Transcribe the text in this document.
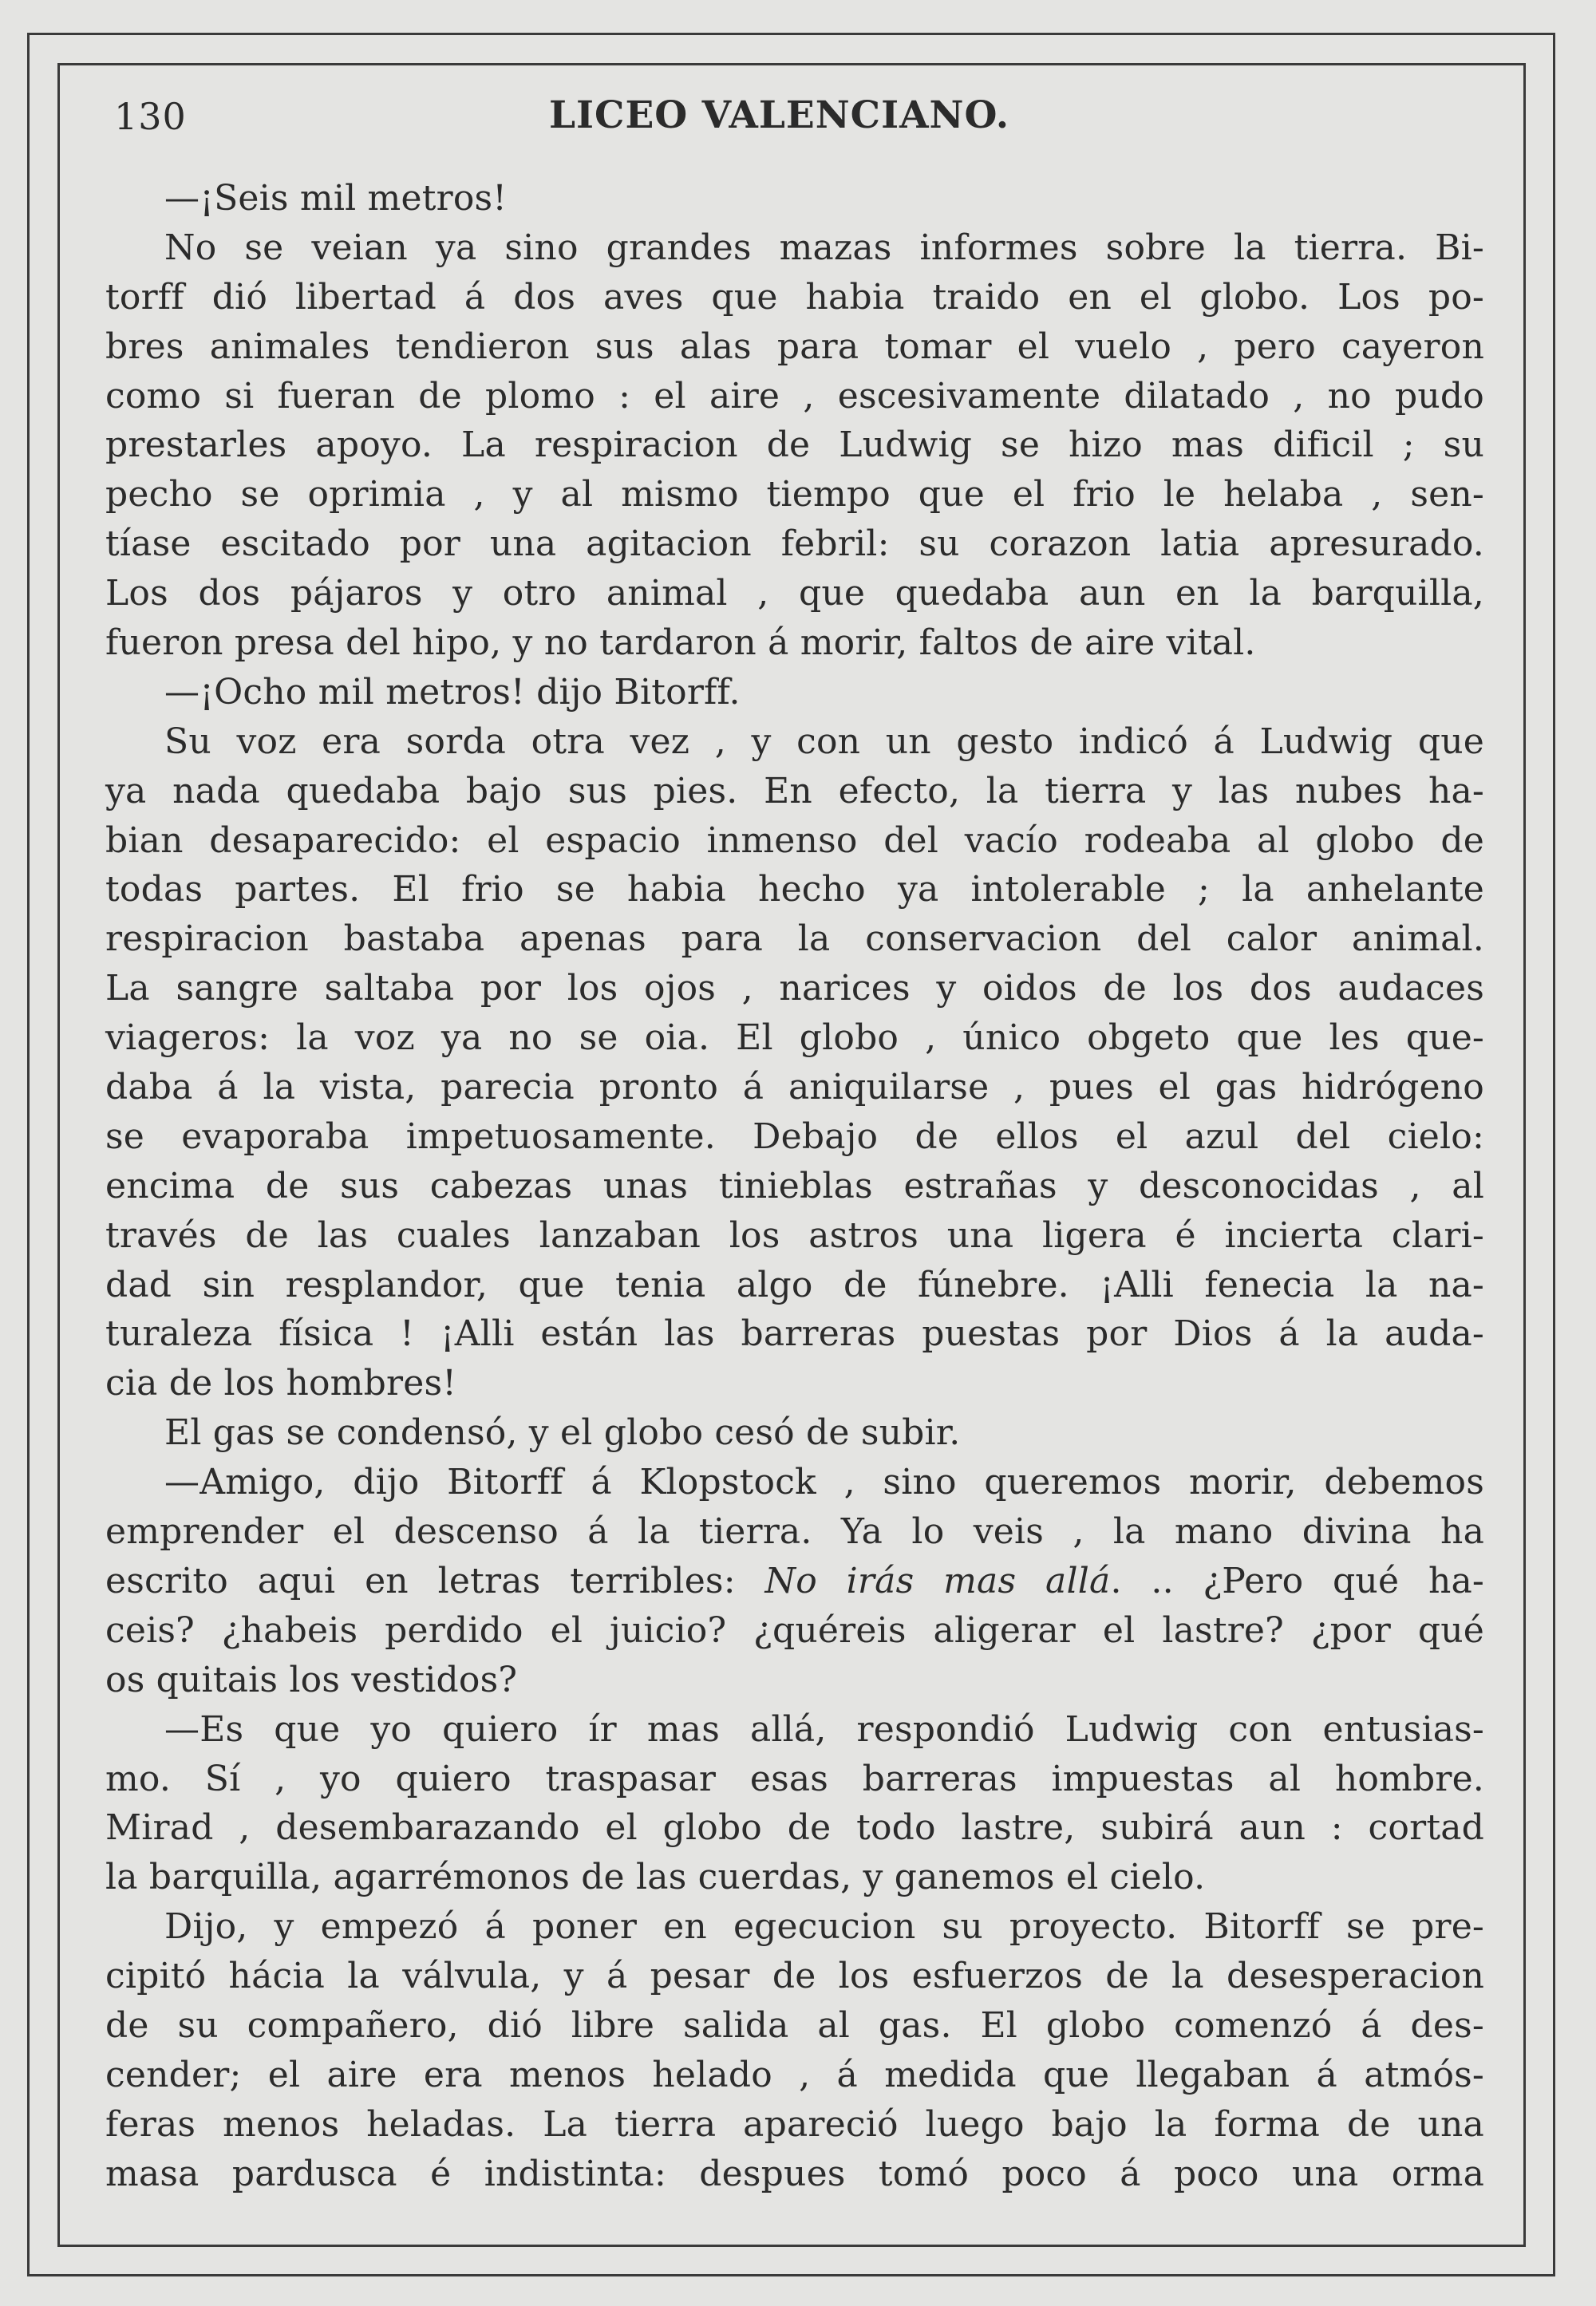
130	LICEO VALENCIANO.
—¡Seis mil metros!
No se veian ya sino grandes mazas informes sobre la tierra. Bi-
torff dió libertad á dos aves que habia traido en el globo. Los po-
bres animales tendieron sus alas para tomar el vuelo , pero cayeron
como si fueran de plomo : el aire , escesivamente dilatado , no pudo
prestarles apoyo. La respiracion de Ludwig se hizo mas dificil ; su
pecho se oprimia , y al mismo tiempo que el frio le helaba , sen-
tíase escitado por una agitacion febril: su corazon latia apresurado.
Los dos pájaros y otro animal , que quedaba aun en la barquilla,
fueron presa del hipo, y no tardaron á morir, faltos de aire vital.
—¡Ocho mil metros! dijo Bitorff.
Su voz era sorda otra vez , y con un gesto indicó á Ludwig que
ya nada quedaba bajo sus pies. En efecto, la tierra y las nubes ha-
bian desaparecido: el espacio inmenso del vacío rodeaba al globo de
todas partes. El frio se habia hecho ya intolerable ; la anhelante
respiracion bastaba apenas para la conservacion del calor animal.
La sangre saltaba por los ojos , narices y oidos de los dos audaces
viageros: la voz ya no se oia. El globo , único obgeto que les que-
daba á la vista, parecia pronto á aniquilarse , pues el gas hidrógeno
se evaporaba impetuosamente. Debajo de ellos el azul del cielo:
encima de sus cabezas unas tinieblas estrañas y desconocidas , al
través de las cuales lanzaban los astros una ligera é incierta clari-
dad sin resplandor, que tenia algo de fúnebre. ¡Alli fenecia la na-
turaleza física ! ¡Alli están las barreras puestas por Dios á la auda-
cia de los hombres!
El gas se condensó, y el globo cesó de subir.
—Amigo, dijo Bitorff á Klopstock , sino queremos morir, debemos
emprender el descenso á la tierra. Ya lo veis , la mano divina ha
escrito aqui en letras terribles: No irás mas allá. .. ¿Pero qué ha-
ceis? ¿habeis perdido el juicio? ¿quéreis aligerar el lastre? ¿por qué
os quitais los vestidos?
—Es que yo quiero ír mas allá, respondió Ludwig con entusias-
mo. Sí , yo quiero traspasar esas barreras impuestas al hombre.
Mirad , desembarazando el globo de todo lastre, subirá aun : cortad
la barquilla, agarrémonos de las cuerdas, y ganemos el cielo.
Dijo, y empezó á poner en egecucion su proyecto. Bitorff se pre-
cipitó hácia la válvula, y á pesar de los esfuerzos de la desesperacion
de su compañero, dió libre salida al gas. El globo comenzó á des-
cender; el aire era menos helado , á medida que llegaban á atmós-
feras menos heladas. La tierra apareció luego bajo la forma de una
masa pardusca é indistinta: despues tomó poco á poco una orma
